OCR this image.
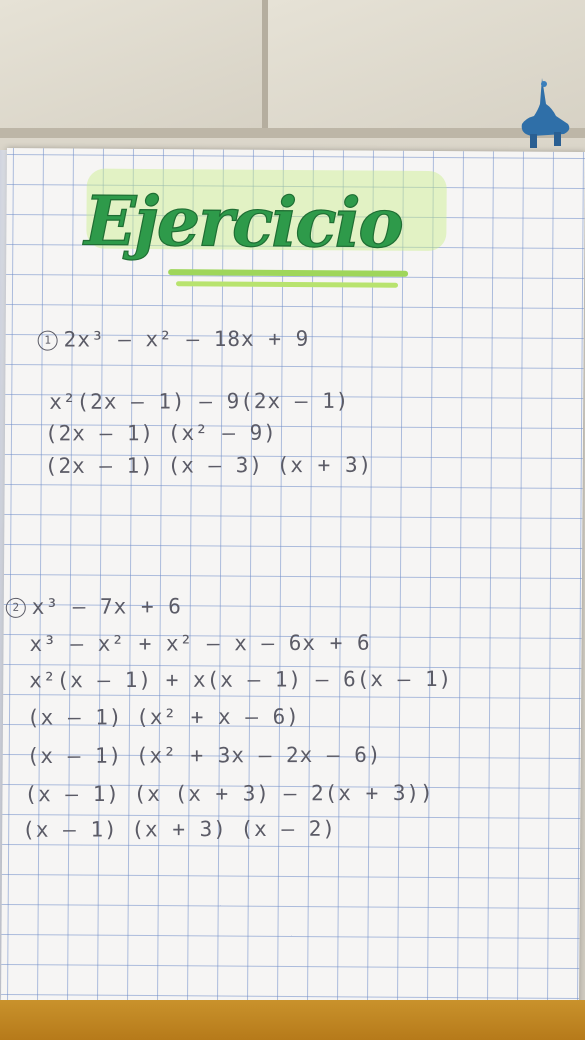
Ejercicio
1 2x³ – x² – 18x + 9
x²(2x – 1) – 9(2x – 1)
(2x – 1) (x² – 9)
(2x – 1) (x – 3) (x + 3)
2 x³ – 7x + 6
x³ – x² + x² – x – 6x + 6
x²(x – 1) + x(x – 1) – 6(x – 1)
(x – 1) (x² + x – 6)
(x – 1) (x² + 3x – 2x – 6)
(x – 1) (x (x + 3) – 2(x + 3))
(x – 1) (x + 3) (x – 2)
